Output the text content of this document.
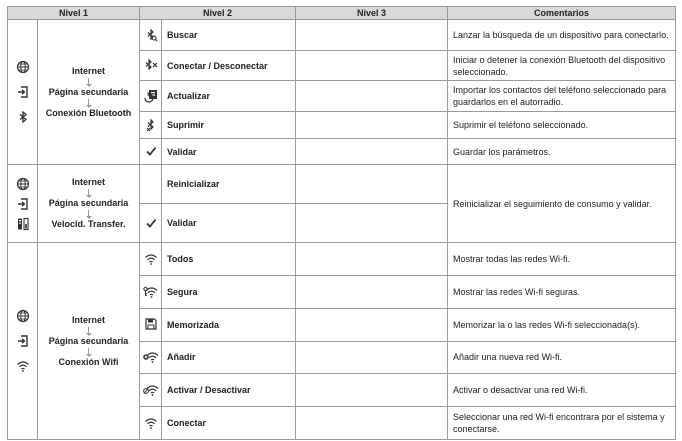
Nivel 1		Nivel 2		Nivel 3	Comentarios

Internet
Página secundaria
Conexión Bluetooth		Buscar		Lanzar la búsqueda de un dispositivo para conectarlo.

	Conectar / Desconectar		Iniciar o detener la conexión Bluetooth del dispositivo seleccionado.

	Actualizar		Importar los contactos del teléfono seleccionado para guardarlos en el autorradio.

	Suprimir		Suprimir el teléfono seleccionado.

	Validar		Guardar los parámetros.

Internet
Página secundaria
Velocid. Transfer.		Reinicializar		Reinicializar el seguimiento de consumo y validar.

	Validar		

Internet
Página secundaria
Conexión Wifi		Todos		Mostrar todas las redes Wi-fi.

	Segura		Mostrar las redes Wi-fi seguras.

	Memorizada		Memorizar la o las redes Wi-fi seleccionada(s).

	Añadir		Añadir una nueva red Wi-fi.

	Activar / Desactivar		Activar o desactivar una red Wi-fi.

	Conectar		Seleccionar una red Wi-fi encontrara por el sistema y conectarse.
